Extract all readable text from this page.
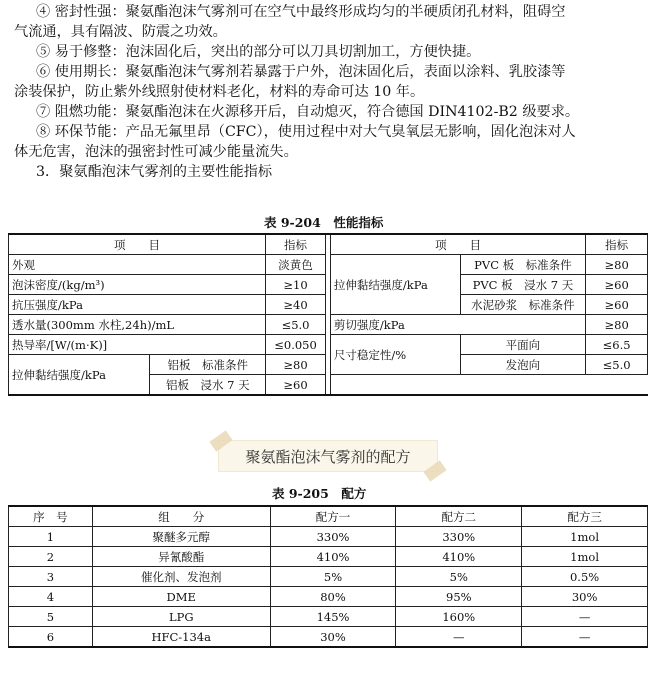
④ 密封性强：聚氨酯泡沫气雾剂可在空气中最终形成均匀的半硬质闭孔材料，阻碍空
气流通，具有隔波、防震之功效。
⑤ 易于修整：泡沫固化后，突出的部分可以刀具切割加工，方便快捷。
⑥ 使用期长：聚氨酯泡沫气雾剂若暴露于户外，泡沫固化后，表面以涂料、乳胶漆等
涂装保护，防止紫外线照射使材料老化，材料的寿命可达 10 年。
⑦ 阻燃功能：聚氨酯泡沫在火源移开后，自动熄灭，符合德国 DIN4102-B2 级要求。
⑧ 环保节能：产品无氟里昂（CFC），使用过程中对大气臭氧层无影响，固化泡沫对人
体无危害，泡沫的强密封性可减少能量流失。
3．聚氨酯泡沫气雾剂的主要性能指标
表 9-204　性能指标
项　　目		指标		项　　目		指标
外观		淡黄色		拉伸黏结强度/kPa	PVC 板　标准条件	≥80
泡沫密度/(kg/m³)		≥10			PVC 板　浸水 7 天	≥60
抗压强度/kPa		≥40			水泥砂浆　标准条件	≥60
透水量(300mm 水柱,24h)/mL		≤5.0		剪切强度/kPa		≥80
热导率/[W/(m·K)]		≤0.050		尺寸稳定性/%	平面向	≤6.5
拉伸黏结强度/kPa	铝板　标准条件	≥80			发泡向	≤5.0
	铝板　浸水 7 天	≥60				
聚氨酯泡沫气雾剂的配方
表 9-205　配方
序　号	组　　分	配方一	配方二	配方三
1	聚醚多元醇	330%	330%	1mol
2	异氰酸酯	410%	410%	1mol
3	催化剂、发泡剂	5%	5%	0.5%
4	DME	80%	95%	30%
5	LPG	145%	160%	—
6	HFC-134a	30%	—	—
